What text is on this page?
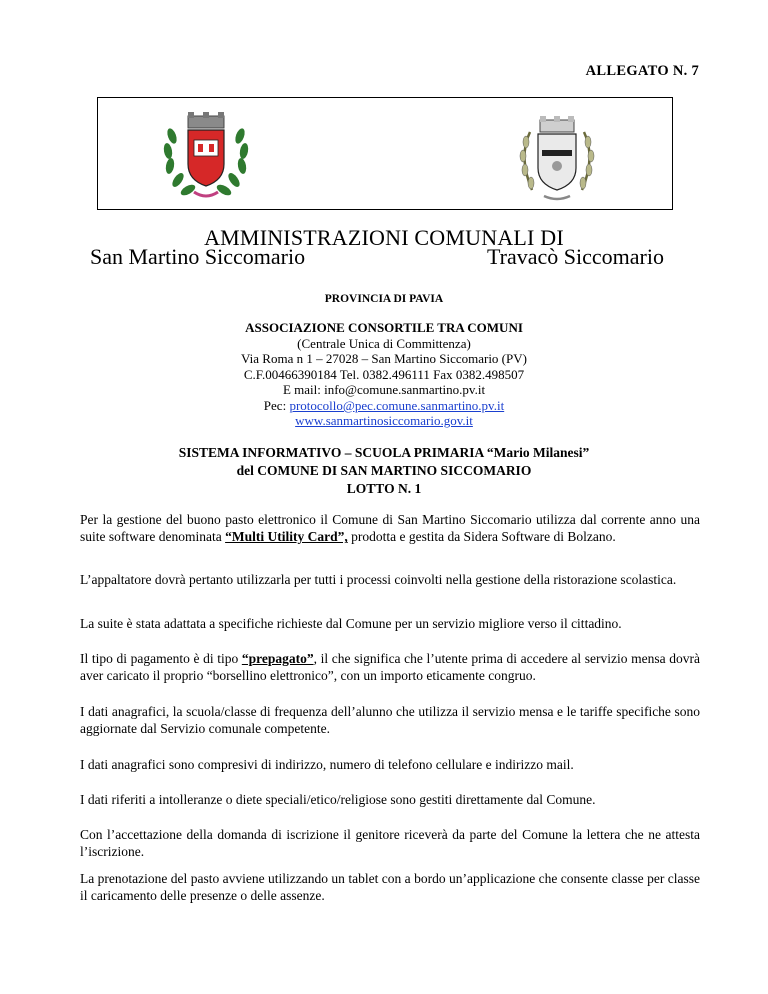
ALLEGATO N. 7
AMMINISTRAZIONI COMUNALI DI
San Martino Siccomario	Travacò Siccomario
PROVINCIA DI PAVIA
ASSOCIAZIONE CONSORTILE TRA COMUNI
(Centrale Unica di Committenza)
Via Roma n 1 – 27028 – San Martino Siccomario (PV)
C.F.00466390184 Tel. 0382.496111 Fax 0382.498507
E mail: info@comune.sanmartino.pv.it
Pec: protocollo@pec.comune.sanmartino.pv.it
www.sanmartinosiccomario.gov.it
SISTEMA INFORMATIVO – SCUOLA PRIMARIA “Mario Milanesi”
del COMUNE DI SAN MARTINO SICCOMARIO
LOTTO N. 1
Per la gestione del buono pasto elettronico il Comune di San Martino Siccomario utilizza dal corrente anno una suite software denominata “Multi Utility Card”, prodotta e gestita da Sidera Software di Bolzano.
L’appaltatore dovrà pertanto utilizzarla per tutti i processi coinvolti nella gestione della ristorazione scolastica.
La suite è stata adattata a specifiche richieste dal Comune per un servizio migliore verso il cittadino.
Il tipo di pagamento è di tipo “prepagato”, il che significa che l’utente prima di accedere al servizio mensa dovrà aver caricato il proprio “borsellino elettronico”, con un importo eticamente congruo.
I dati anagrafici, la scuola/classe di frequenza dell’alunno che utilizza il servizio mensa e le tariffe specifiche sono aggiornate dal Servizio comunale competente.
I dati anagrafici sono compresivi di indirizzo, numero di telefono cellulare e indirizzo mail.
I dati riferiti a intolleranze o diete speciali/etico/religiose sono gestiti direttamente dal Comune.
Con l’accettazione della domanda di iscrizione il genitore riceverà da parte del Comune la lettera che ne attesta l’iscrizione.
La prenotazione del pasto avviene utilizzando un tablet con a bordo un’applicazione che consente classe per classe il caricamento delle presenze o delle assenze.
